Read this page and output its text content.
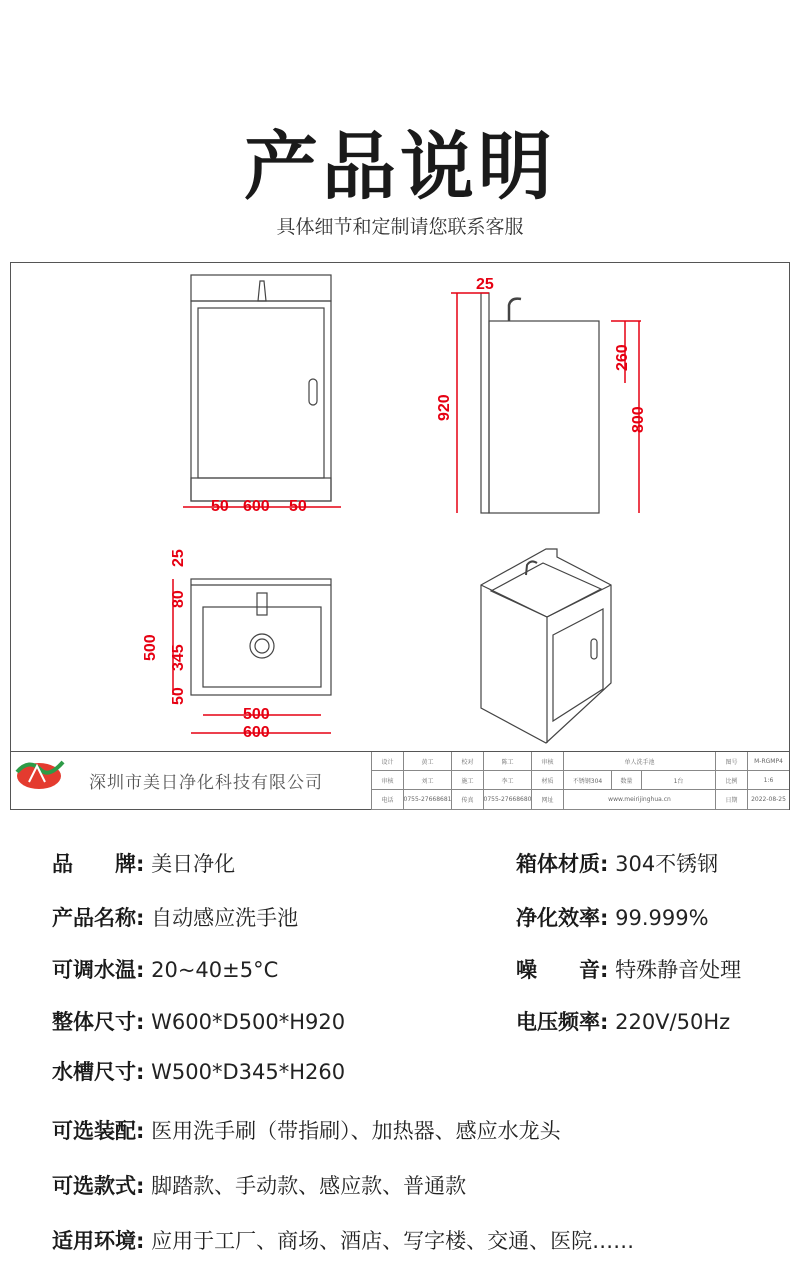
产品说明
具体细节和定制请您联系客服
50 600 50
25
920
260
800
25
80
500 345
50
500
600
深圳市美日净化科技有限公司
设计	黄工	校对	陈工	审核	单人洗手池	图号	M-RGMP4
审核	刘工	施工	李工	材质	不锈钢304	数量	1台	比例	1:6
电话	0755-27668681	传真	0755-27668680	网址	www.meirijinghua.cn	日期	2022-08-25
品　　牌: 美日净化	箱体材质: 304不锈钢
产品名称: 自动感应洗手池	净化效率: 99.999%
可调水温: 20~40±5°C	噪　　音: 特殊静音处理
整体尺寸: W600*D500*H920	电压频率: 220V/50Hz
水槽尺寸: W500*D345*H260
可选装配: 医用洗手刷（带指刷）、加热器、感应水龙头
可选款式: 脚踏款、手动款、感应款、普通款
适用环境: 应用于工厂、商场、酒店、写字楼、交通、医院……
